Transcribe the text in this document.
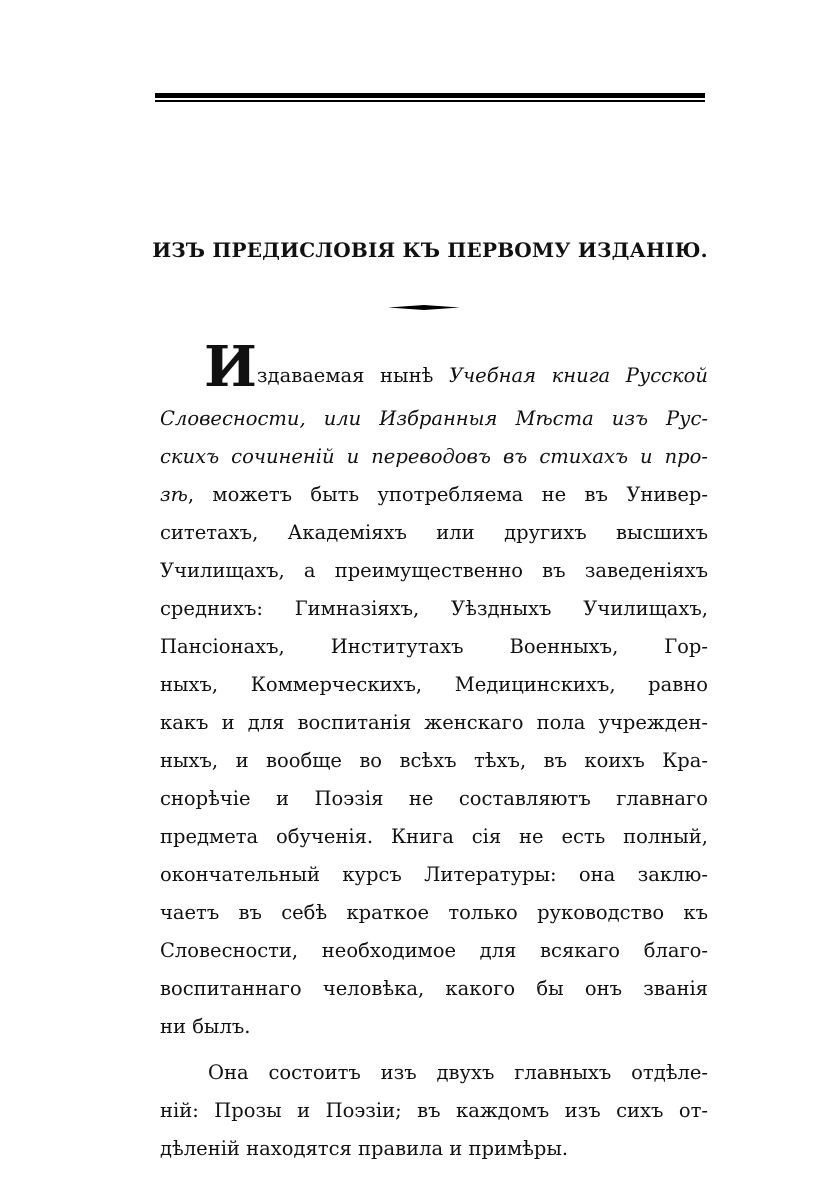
ИЗЪ ПРЕДИСЛОВІЯ КЪ ПЕРВОМУ ИЗДАНІЮ.
Издаваемая нынѣ Учебная книга Русской
Словесности, или Избранныя Мѣста изъ Рус-
скихъ сочиненій и переводовъ въ стихахъ и про-
зѣ, можетъ быть употребляема не въ Универ-
ситетахъ, Академіяхъ или другихъ высшихъ
Училищахъ, а преимущественно въ заведеніяхъ
среднихъ: Гимназіяхъ, Уѣздныхъ Училищахъ,
Пансіонахъ, Институтахъ Военныхъ, Гор-
ныхъ, Коммерческихъ, Медицинскихъ, равно
какъ и для воспитанія женскаго пола учрежден-
ныхъ, и вообще во всѣхъ тѣхъ, въ коихъ Кра-
снорѣчіе и Поэзія не составляютъ главнаго
предмета обученія. Книга сія не есть полный,
окончательный курсъ Литературы: она заклю-
чаетъ въ себѣ краткое только руководство къ
Словесности, необходимое для всякаго благо-
воспитаннаго человѣка, какого бы онъ званія
ни былъ.
Она состоитъ изъ двухъ главныхъ отдѣле-
ній: Прозы и Поэзіи; въ каждомъ изъ сихъ от-
дѣленій находятся правила и примѣры.
